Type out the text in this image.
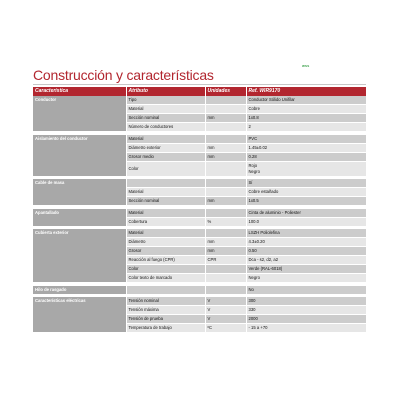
WSS
Construcción y características
Característica	Atributo	Unidades	Ref. WIR9170
Conductor	Tipo		Conductor Sólido Unifilar
	Material		Cobre
	Sección nominal	mm	1x0.8
	Número de conductores		2

Aislamiento del conductor	Material		PVC
	Diámetro exterior	mm	1.45±0.02
	Grosor medio	mm	0.28
	Color		Rojo
Negro

Cable de masa			Sí
	Material		Cobre estañado
	Sección nominal	mm	1x0.5

Apantallado	Material		Cinta de aluminio - Poliester
	Cobertura	%	100.0

Cubierta exterior	Material		LSZH Poliolefina
	Diámetro	mm	4.3±0.20
	Grosor	mm	0.50
	Reacción al fuego (CPR)	CPR	Dca - s2, d2, a2
	Color		Verde (RAL-6018)
	Color texto de marcado		Negro

Hilo de rasgado			No

Características eléctricas	Tensión nominal	V	300
	Tensión máxima	V	330
	Tensión de prueba	V	2000
	Temperatura de trabajo	ºC	- 15 a +70
